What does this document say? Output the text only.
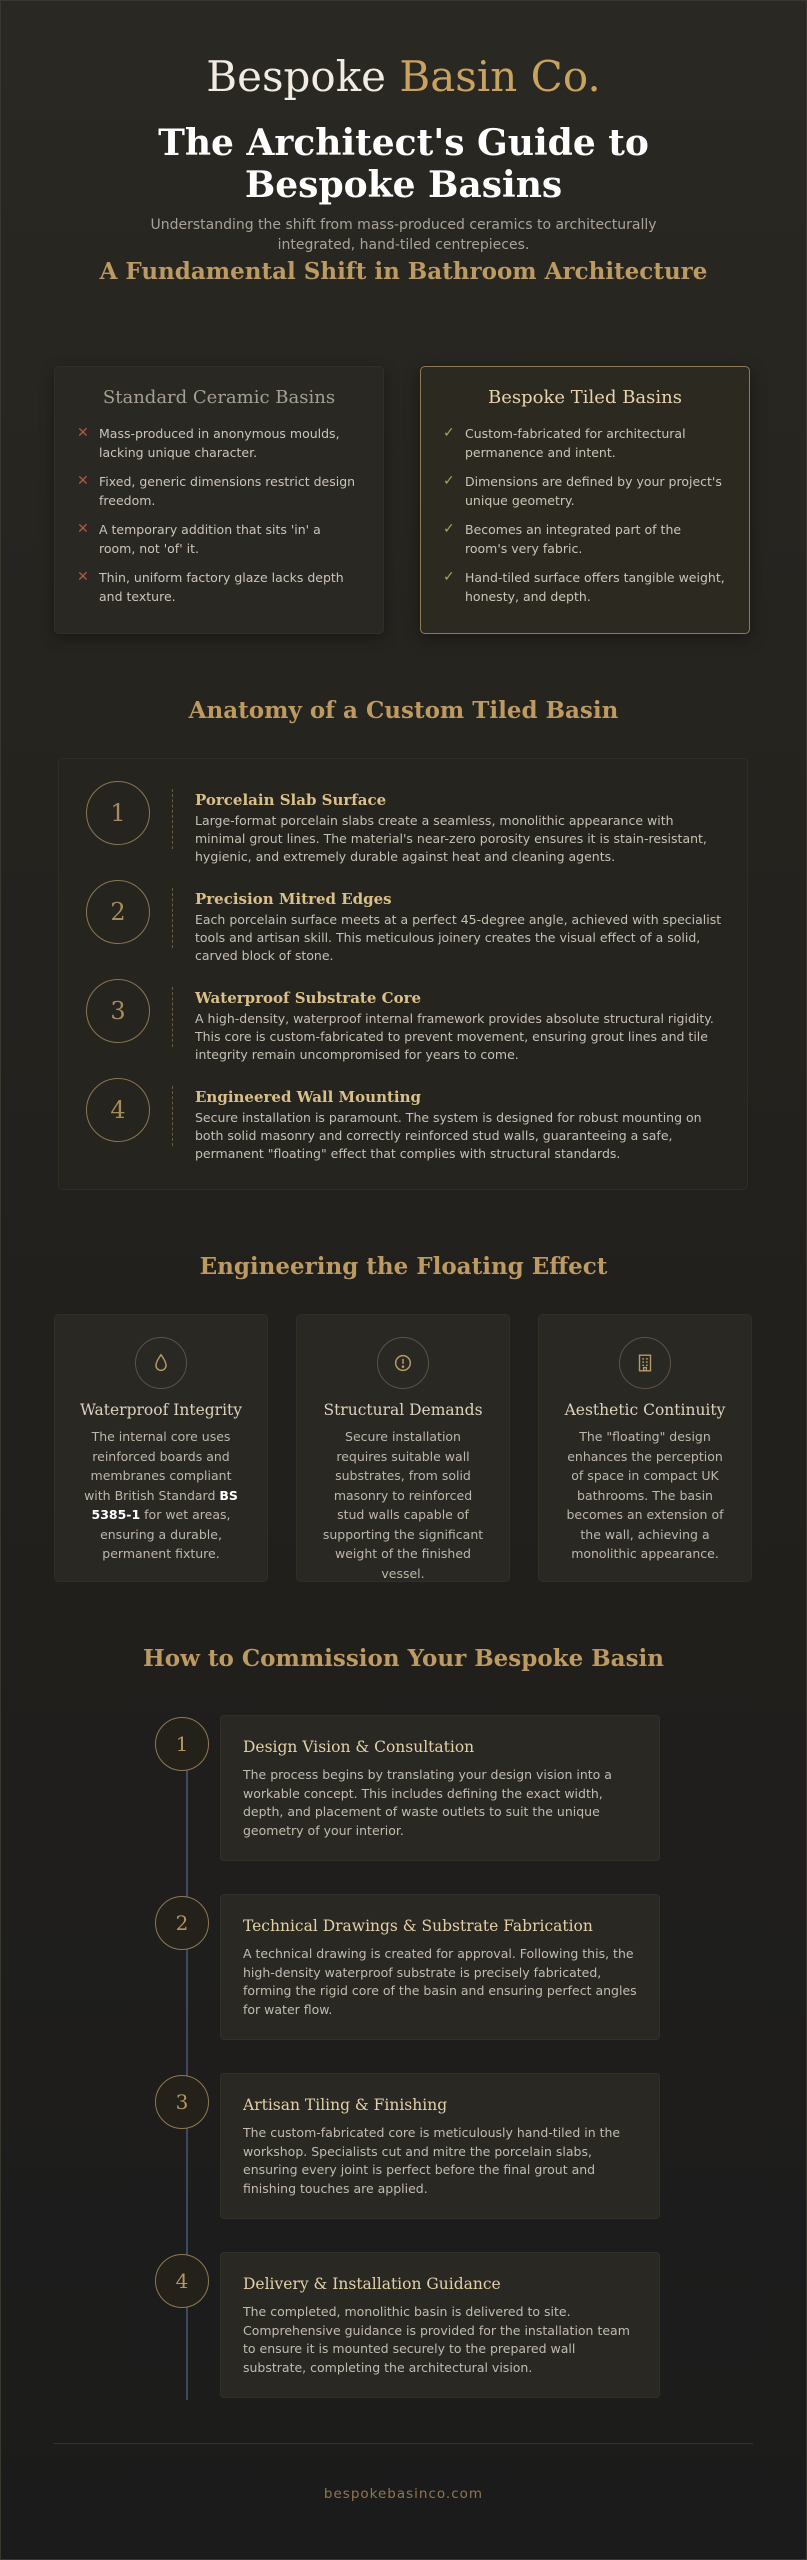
Bespoke Basin Co.
The Architect's Guide to Bespoke Basins

Understanding the shift from mass-produced ceramics to architecturally integrated, hand-tiled centrepieces.

A Fundamental Shift in Bathroom Architecture
Standard Ceramic Basins
✕ Mass-produced in anonymous moulds, lacking unique character.
✕ Fixed, generic dimensions restrict design freedom.
✕ A temporary addition that sits 'in' a room, not 'of' it.
✕ Thin, uniform factory glaze lacks depth and texture.
Bespoke Tiled Basins
✓ Custom-fabricated for architectural permanence and intent.
✓ Dimensions are defined by your project's unique geometry.
✓ Becomes an integrated part of the room's very fabric.
✓ Hand-tiled surface offers tangible weight, honesty, and depth.
Anatomy of a Custom Tiled Basin
1	Porcelain Slab Surface

Large-format porcelain slabs create a seamless, monolithic appearance with minimal grout lines. The material's near-zero porosity ensures it is stain-resistant, hygienic, and extremely durable against heat and cleaning agents.

2	Precision Mitred Edges

Each porcelain surface meets at a perfect 45-degree angle, achieved with specialist tools and artisan skill. This meticulous joinery creates the visual effect of a solid, carved block of stone.

3	Waterproof Substrate Core

A high-density, waterproof internal framework provides absolute structural rigidity. This core is custom-fabricated to prevent movement, ensuring grout lines and tile integrity remain uncompromised for years to come.

4	Engineered Wall Mounting

Secure installation is paramount. The system is designed for robust mounting on both solid masonry and correctly reinforced stud walls, guaranteeing a safe, permanent "floating" effect that complies with structural standards.

Engineering the Floating Effect
Waterproof Integrity

The internal core uses reinforced boards and membranes compliant with British Standard BS 5385-1 for wet areas, ensuring a durable, permanent fixture.

Structural Demands

Secure installation requires suitable wall substrates, from solid masonry to reinforced stud walls capable of supporting the significant weight of the finished vessel.

Aesthetic Continuity

The "floating" design enhances the perception of space in compact UK bathrooms. The basin becomes an extension of the wall, achieving a monolithic appearance.

How to Commission Your Bespoke Basin
1	Design Vision & Consultation

The process begins by translating your design vision into a workable concept. This includes defining the exact width, depth, and placement of waste outlets to suit the unique geometry of your interior.

2	Technical Drawings & Substrate Fabrication

A technical drawing is created for approval. Following this, the high-density waterproof substrate is precisely fabricated, forming the rigid core of the basin and ensuring perfect angles for water flow.

3	Artisan Tiling & Finishing

The custom-fabricated core is meticulously hand-tiled in the workshop. Specialists cut and mitre the porcelain slabs, ensuring every joint is perfect before the final grout and finishing touches are applied.

4	Delivery & Installation Guidance

The completed, monolithic basin is delivered to site. Comprehensive guidance is provided for the installation team to ensure it is mounted securely to the prepared wall substrate, completing the architectural vision.

bespokebasinco.com
